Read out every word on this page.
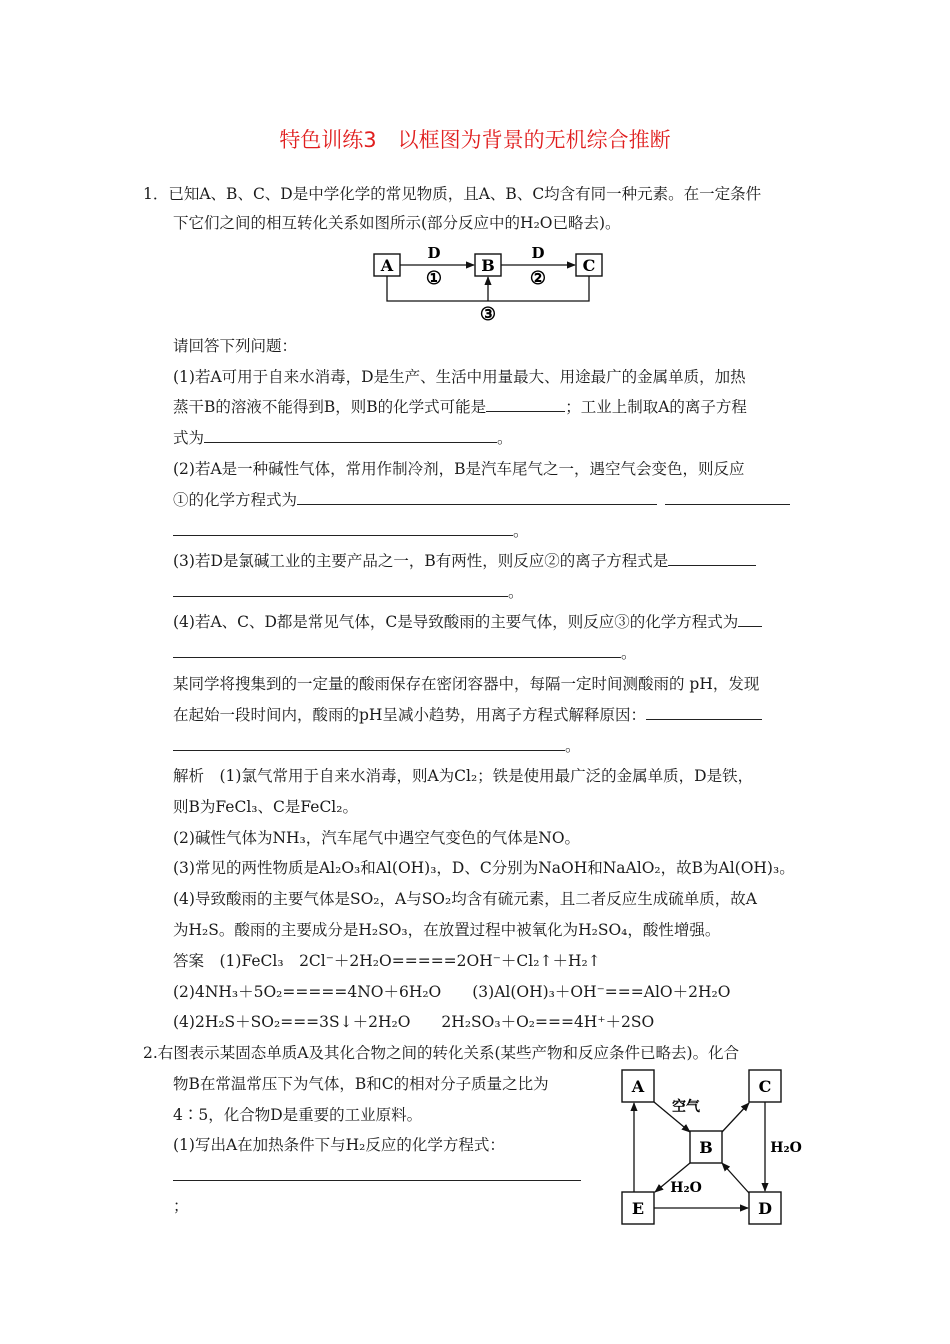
特色训练3　以框图为背景的无机综合推断
1．已知A、B、C、D是中学化学的常见物质，且A、B、C均含有同一种元素。在一定条件
下它们之间的相互转化关系如图所示(部分反应中的H₂O已略去)。
A	B	C
D
①
D
②
③
请回答下列问题：
(1)若A可用于自来水消毒，D是生产、生活中用量最大、用途最广的金属单质，加热
蒸干B的溶液不能得到B，则B的化学式可能是	；工业上制取A的离子方程
式为	。
(2)若A是一种碱性气体，常用作制冷剂，B是汽车尾气之一，遇空气会变色，则反应
①的化学方程式为
。
(3)若D是氯碱工业的主要产品之一，B有两性，则反应②的离子方程式是
。
(4)若A、C、D都是常见气体，C是导致酸雨的主要气体，则反应③的化学方程式为
。
某同学将搜集到的一定量的酸雨保存在密闭容器中，每隔一定时间测酸雨的 pH，发现
在起始一段时间内，酸雨的pH呈减小趋势，用离子方程式解释原因：
。
解析　(1)氯气常用于自来水消毒，则A为Cl₂；铁是使用最广泛的金属单质，D是铁，
则B为FeCl₃、C是FeCl₂。
(2)碱性气体为NH₃，汽车尾气中遇空气变色的气体是NO。
(3)常见的两性物质是Al₂O₃和Al(OH)₃，D、C分别为NaOH和NaAlO₂，故B为Al(OH)₃。
(4)导致酸雨的主要气体是SO₂，A与SO₂均含有硫元素，且二者反应生成硫单质，故A
为H₂S。酸雨的主要成分是H₂SO₃，在放置过程中被氧化为H₂SO₄，酸性增强。
答案　(1)FeCl₃　2Cl⁻＋2H₂O=====2OH⁻＋Cl₂↑＋H₂↑
(2)4NH₃＋5O₂=====4NO＋6H₂O　　(3)Al(OH)₃＋OH⁻===AlO＋2H₂O
(4)2H₂S＋SO₂===3S↓＋2H₂O　　2H₂SO₃＋O₂===4H⁺＋2SO
2.右图表示某固态单质A及其化合物之间的转化关系(某些产物和反应条件已略去)。化合
物B在常温常压下为气体，B和C的相对分子质量之比为
4∶5，化合物D是重要的工业原料。
(1)写出A在加热条件下与H₂反应的化学方程式：
；
A	C
B
E	D
空气
H₂O
H₂O
